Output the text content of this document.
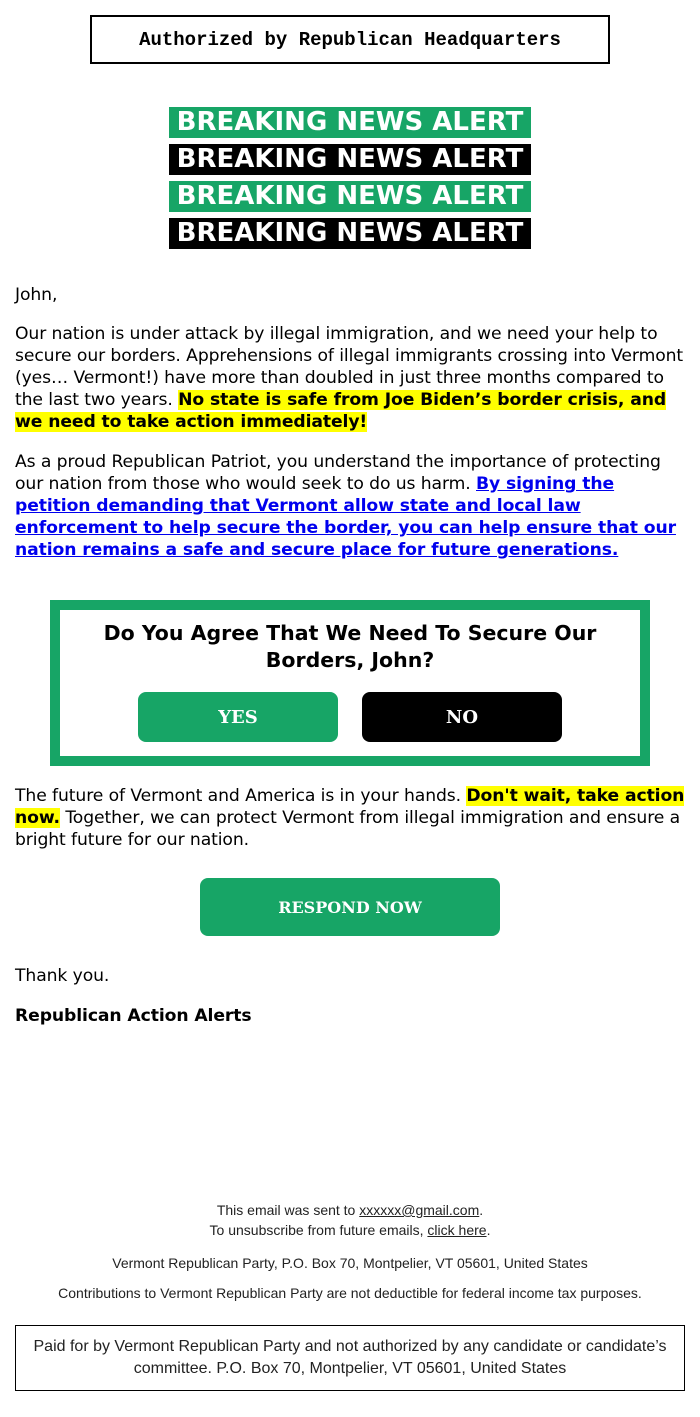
Authorized by Republican Headquarters
BREAKING NEWS ALERT
BREAKING NEWS ALERT
BREAKING NEWS ALERT
BREAKING NEWS ALERT

John,

Our nation is under attack by illegal immigration, and we need your help to secure our borders. Apprehensions of illegal immigrants crossing into Vermont (yes… Vermont!) have more than doubled in just three months compared to the last two years. No state is safe from Joe Biden’s border crisis, and we need to take action immediately!

As a proud Republican Patriot, you understand the importance of protecting our nation from those who would seek to do us harm. By signing the petition demanding that Vermont allow state and local law enforcement to help secure the border, you can help ensure that our nation remains a safe and secure place for future generations.

Do You Agree That We Need To Secure Our Borders, John?
YES	NO

The future of Vermont and America is in your hands. Don't wait, take action now. Together, we can protect Vermont from illegal immigration and ensure a bright future for our nation.

RESPOND NOW

Thank you.

Republican Action Alerts

This email was sent to xxxxxx@gmail.com.
To unsubscribe from future emails, click here.
Vermont Republican Party, P.O. Box 70, Montpelier, VT 05601, United States
Contributions to Vermont Republican Party are not deductible for federal income tax purposes.
Paid for by Vermont Republican Party and not authorized by any candidate or candidate’s committee. P.O. Box 70, Montpelier, VT 05601, United States
